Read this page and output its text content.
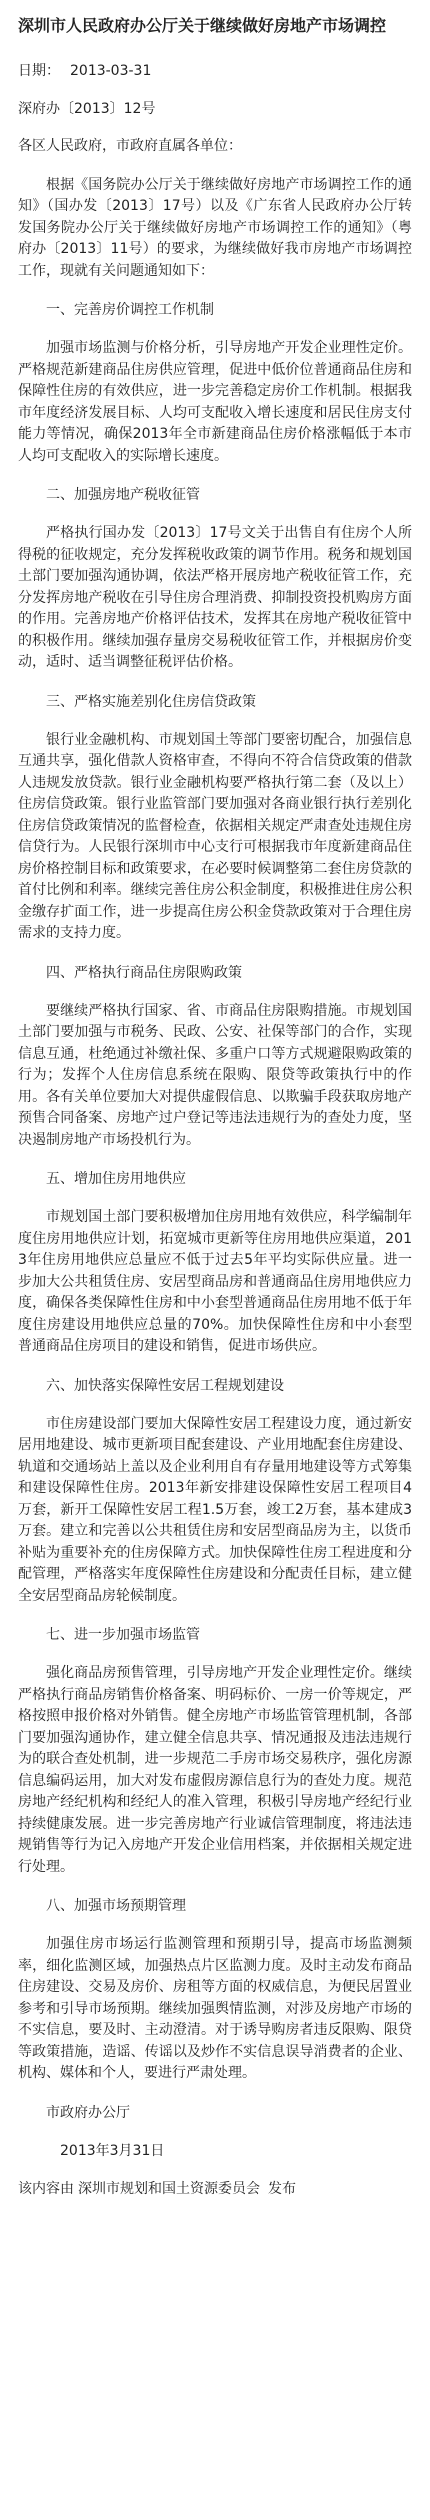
深圳市人民政府办公厅关于继续做好房地产市场调控
日期： 2013-03-31
深府办〔2013〕12号
各区人民政府，市政府直属各单位：
根据《国务院办公厅关于继续做好房地产市场调控工作的通知》（国办发〔2013〕17号）以及《广东省人民政府办公厅转发国务院办公厅关于继续做好房地产市场调控工作的通知》（粤府办〔2013〕11号）的要求，为继续做好我市房地产市场调控工作，现就有关问题通知如下：
一、完善房价调控工作机制
加强市场监测与价格分析，引导房地产开发企业理性定价。严格规范新建商品住房供应管理，促进中低价位普通商品住房和保障性住房的有效供应，进一步完善稳定房价工作机制。根据我市年度经济发展目标、人均可支配收入增长速度和居民住房支付能力等情况，确保2013年全市新建商品住房价格涨幅低于本市人均可支配收入的实际增长速度。
二、加强房地产税收征管
严格执行国办发〔2013〕17号文关于出售自有住房个人所得税的征收规定，充分发挥税收政策的调节作用。税务和规划国土部门要加强沟通协调，依法严格开展房地产税收征管工作，充分发挥房地产税收在引导住房合理消费、抑制投资投机购房方面的作用。完善房地产价格评估技术，发挥其在房地产税收征管中的积极作用。继续加强存量房交易税收征管工作，并根据房价变动，适时、适当调整征税评估价格。
三、严格实施差别化住房信贷政策
银行业金融机构、市规划国土等部门要密切配合，加强信息互通共享，强化借款人资格审查，不得向不符合信贷政策的借款人违规发放贷款。银行业金融机构要严格执行第二套（及以上）住房信贷政策。银行业监管部门要加强对各商业银行执行差别化住房信贷政策情况的监督检查，依据相关规定严肃查处违规住房信贷行为。人民银行深圳市中心支行可根据我市年度新建商品住房价格控制目标和政策要求，在必要时候调整第二套住房贷款的首付比例和利率。继续完善住房公积金制度，积极推进住房公积金缴存扩面工作，进一步提高住房公积金贷款政策对于合理住房需求的支持力度。
四、严格执行商品住房限购政策
要继续严格执行国家、省、市商品住房限购措施。市规划国土部门要加强与市税务、民政、公安、社保等部门的合作，实现信息互通，杜绝通过补缴社保、多重户口等方式规避限购政策的行为；发挥个人住房信息系统在限购、限贷等政策执行中的作用。各有关单位要加大对提供虚假信息、以欺骗手段获取房地产预售合同备案、房地产过户登记等违法违规行为的查处力度，坚决遏制房地产市场投机行为。
五、增加住房用地供应
市规划国土部门要积极增加住房用地有效供应，科学编制年度住房用地供应计划，拓宽城市更新等住房用地供应渠道，2013年住房用地供应总量应不低于过去5年平均实际供应量。进一步加大公共租赁住房、安居型商品房和普通商品住房用地供应力度，确保各类保障性住房和中小套型普通商品住房用地不低于年度住房建设用地供应总量的70%。加快保障性住房和中小套型普通商品住房项目的建设和销售，促进市场供应。
六、加快落实保障性安居工程规划建设
市住房建设部门要加大保障性安居工程建设力度，通过新安居用地建设、城市更新项目配套建设、产业用地配套住房建设、轨道和交通场站上盖以及企业利用自有存量用地建设等方式筹集和建设保障性住房。2013年新安排建设保障性安居工程项目4万套，新开工保障性安居工程1.5万套，竣工2万套，基本建成3万套。建立和完善以公共租赁住房和安居型商品房为主，以货币补贴为重要补充的住房保障方式。加快保障性住房工程进度和分配管理，严格落实年度保障性住房建设和分配责任目标，建立健全安居型商品房轮候制度。
七、进一步加强市场监管
强化商品房预售管理，引导房地产开发企业理性定价。继续严格执行商品房销售价格备案、明码标价、一房一价等规定，严格按照申报价格对外销售。健全房地产市场监管管理机制，各部门要加强沟通协作，建立健全信息共享、情况通报及违法违规行为的联合查处机制，进一步规范二手房市场交易秩序，强化房源信息编码运用，加大对发布虚假房源信息行为的查处力度。规范房地产经纪机构和经纪人的准入管理，积极引导房地产经纪行业持续健康发展。进一步完善房地产行业诚信管理制度，将违法违规销售等行为记入房地产开发企业信用档案，并依据相关规定进行处理。
八、加强市场预期管理
加强住房市场运行监测管理和预期引导，提高市场监测频率，细化监测区域，加强热点片区监测力度。及时主动发布商品住房建设、交易及房价、房租等方面的权威信息，为便民居置业参考和引导市场预期。继续加强舆情监测，对涉及房地产市场的不实信息，要及时、主动澄清。对于诱导购房者违反限购、限贷等政策措施，造谣、传谣以及炒作不实信息误导消费者的企业、机构、媒体和个人，要进行严肃处理。
市政府办公厅
2013年3月31日
该内容由 深圳市规划和国土资源委员会 发布
